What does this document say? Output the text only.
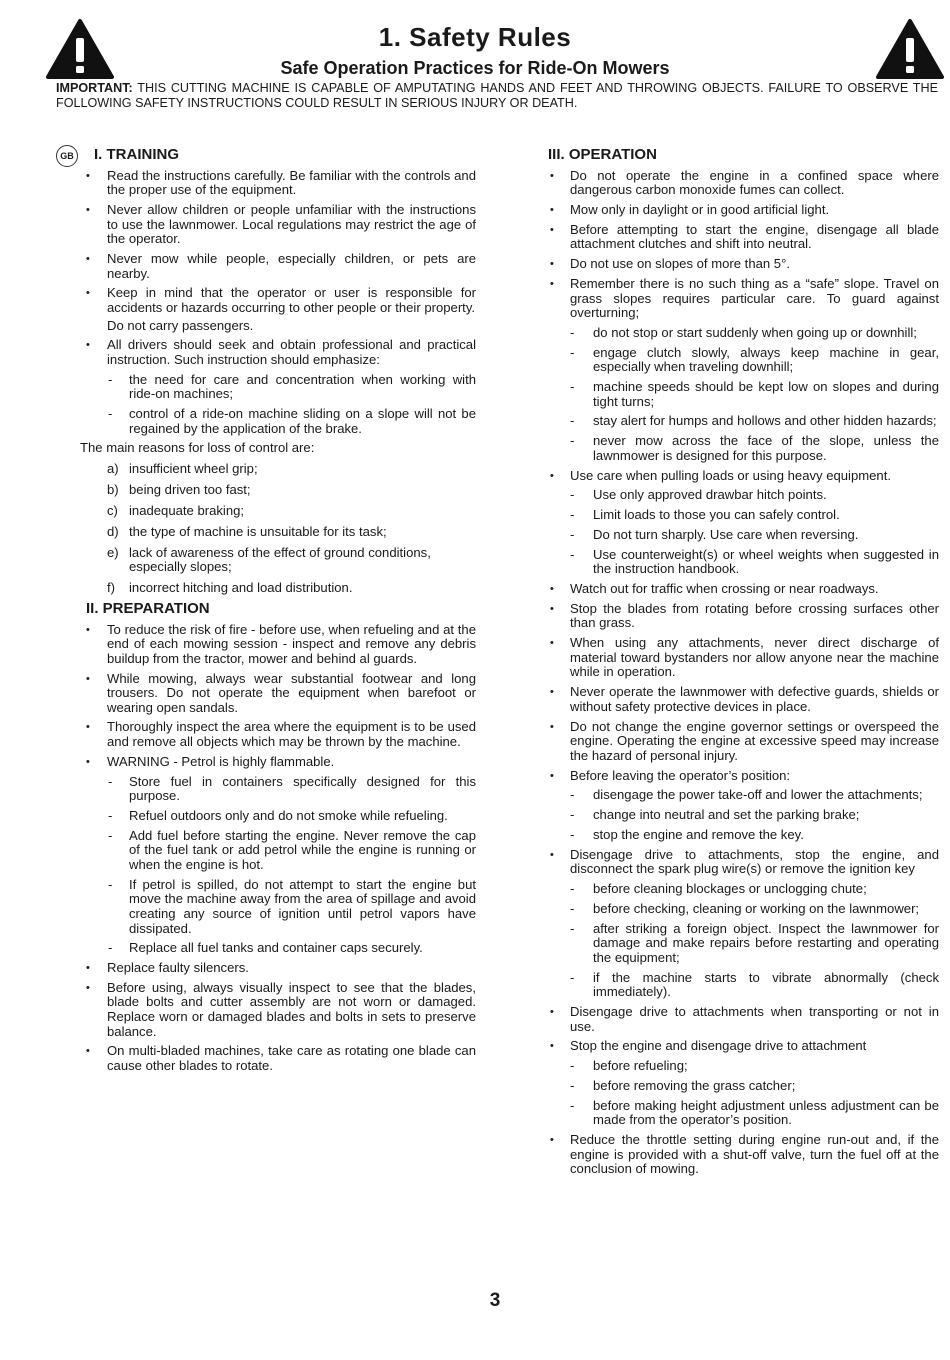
1. Safety Rules
Safe Operation Practices for Ride-On Mowers
IMPORTANT: THIS CUTTING MACHINE IS CAPABLE OF AMPUTATING HANDS AND FEET AND THROWING OBJECTS. FAILURE TO OBSERVE THE FOLLOWING SAFETY INSTRUCTIONS COULD RESULT IN SERIOUS INJURY OR DEATH.
GB I. TRAINING
• Read the instructions carefully. Be familiar with the controls and the proper use of the equipment.
• Never allow children or people unfamiliar with the instructions to use the lawnmower. Local regulations may restrict the age of the operator.
• Never mow while people, especially children, or pets are nearby.
• Keep in mind that the operator or user is responsible for accidents or hazards occurring to other people or their property.
Do not carry passengers.
• All drivers should seek and obtain professional and practical instruction. Such instruction should emphasize:
- the need for care and concentration when working with ride-on machines;
- control of a ride-on machine sliding on a slope will not be regained by the application of the brake.
The main reasons for loss of control are:
a) insufficient wheel grip;
b) being driven too fast;
c) inadequate braking;
d) the type of machine is unsuitable for its task;
e) lack of awareness of the effect of ground conditions, especially slopes;
f) incorrect hitching and load distribution.
II. PREPARATION
• To reduce the risk of fire - before use, when refueling and at the end of each mowing session - inspect and remove any debris buildup from the tractor, mower and behind al guards.
• While mowing, always wear substantial footwear and long trousers. Do not operate the equipment when barefoot or wearing open sandals.
• Thoroughly inspect the area where the equipment is to be used and remove all objects which may be thrown by the machine.
• WARNING - Petrol is highly flammable.
- Store fuel in containers specifically designed for this purpose.
- Refuel outdoors only and do not smoke while refueling.
- Add fuel before starting the engine. Never remove the cap of the fuel tank or add petrol while the engine is running or when the engine is hot.
- If petrol is spilled, do not attempt to start the engine but move the machine away from the area of spillage and avoid creating any source of ignition until petrol vapors have dissipated.
- Replace all fuel tanks and container caps securely.
• Replace faulty silencers.
• Before using, always visually inspect to see that the blades, blade bolts and cutter assembly are not worn or damaged. Replace worn or damaged blades and bolts in sets to preserve balance.
• On multi-bladed machines, take care as rotating one blade can cause other blades to rotate.
III. OPERATION
• Do not operate the engine in a confined space where dangerous carbon monoxide fumes can collect.
• Mow only in daylight or in good artificial light.
• Before attempting to start the engine, disengage all blade attachment clutches and shift into neutral.
• Do not use on slopes of more than 5°.
• Remember there is no such thing as a “safe” slope. Travel on grass slopes requires particular care. To guard against overturning;
- do not stop or start suddenly when going up or downhill;
- engage clutch slowly, always keep machine in gear, especially when traveling downhill;
- machine speeds should be kept low on slopes and during tight turns;
- stay alert for humps and hollows and other hidden hazards;
- never mow across the face of the slope, unless the lawnmower is designed for this purpose.
• Use care when pulling loads or using heavy equipment.
- Use only approved drawbar hitch points.
- Limit loads to those you can safely control.
- Do not turn sharply. Use care when reversing.
- Use counterweight(s) or wheel weights when suggested in the instruction handbook.
• Watch out for traffic when crossing or near roadways.
• Stop the blades from rotating before crossing surfaces other than grass.
• When using any attachments, never direct discharge of material toward bystanders nor allow anyone near the machine while in operation.
• Never operate the lawnmower with defective guards, shields or without safety protective devices in place.
• Do not change the engine governor settings or overspeed the engine. Operating the engine at excessive speed may increase the hazard of personal injury.
• Before leaving the operator’s position:
- disengage the power take-off and lower the attachments;
- change into neutral and set the parking brake;
- stop the engine and remove the key.
• Disengage drive to attachments, stop the engine, and disconnect the spark plug wire(s) or remove the ignition key
- before cleaning blockages or unclogging chute;
- before checking, cleaning or working on the lawnmower;
- after striking a foreign object. Inspect the lawnmower for damage and make repairs before restarting and operating the equipment;
- if the machine starts to vibrate abnormally (check immediately).
• Disengage drive to attachments when transporting or not in use.
• Stop the engine and disengage drive to attachment
- before refueling;
- before removing the grass catcher;
- before making height adjustment unless adjustment can be made from the operator’s position.
• Reduce the throttle setting during engine run-out and, if the engine is provided with a shut-off valve, turn the fuel off at the conclusion of mowing.
3
